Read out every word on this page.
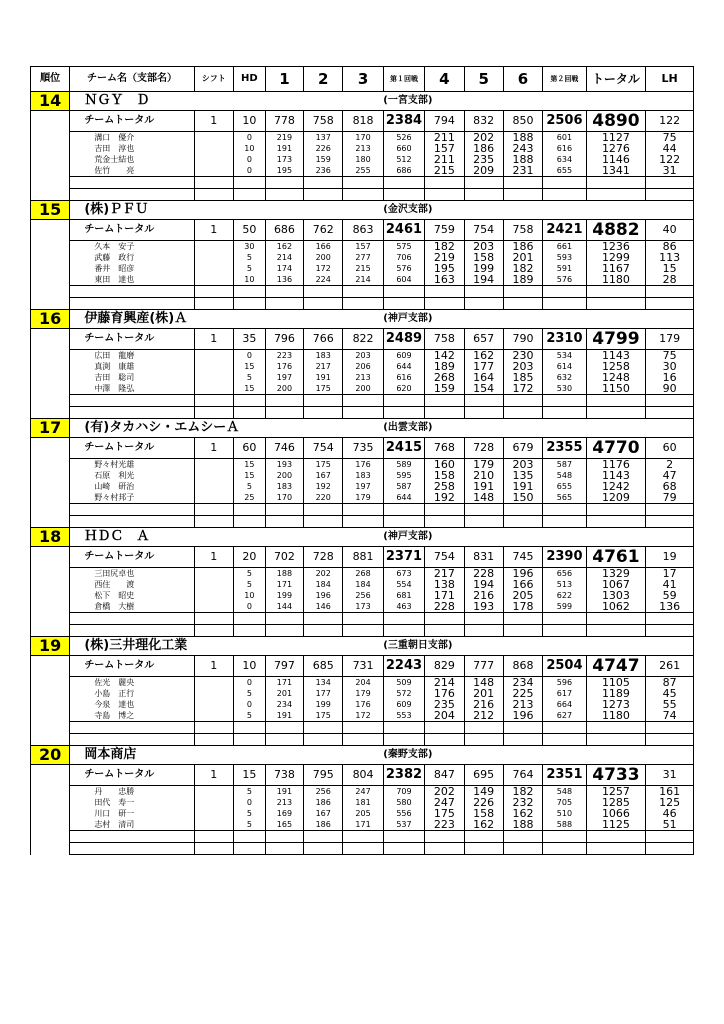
順位	チーム名（支部名）	シフト	HD	1	2	3	第１回戦	4	5	6	第２回戦	トータル	LH
14	ＮＧＹ　Ｄ						(一宮支部)						
	チームトータル	1	10	778	758	818	2384	794	832	850	2506	4890	122
	溝口　優介		0	219	137	170	526	211	202	188	601	1127	75
	吉田　淳也		10	191	226	213	660	157	186	243	616	1276	44
	荒金士結也		0	173	159	180	512	211	235	188	634	1146	122
	佐竹　　亮		0	195	236	255	686	215	209	231	655	1341	31

15	(株)ＰＦＵ						(金沢支部)						
	チームトータル	1	50	686	762	863	2461	759	754	758	2421	4882	40
	久本　安子		30	162	166	157	575	182	203	186	661	1236	86
	武藤　政行		5	214	200	277	706	219	158	201	593	1299	113
	番井　昭彦		5	174	172	215	576	195	199	182	591	1167	15
	東田　達也		10	136	224	214	604	163	194	189	576	1180	28

16	伊藤育興産(株)Ａ						(神戸支部)						
	チームトータル	1	35	796	766	822	2489	758	657	790	2310	4799	179
	広田　龍磨		0	223	183	203	609	142	162	230	534	1143	75
	真渕　康雄		15	176	217	206	644	189	177	203	614	1258	30
	吉田　聡司		5	197	191	213	616	268	164	185	632	1248	16
	中澤　隆弘		15	200	175	200	620	159	154	172	530	1150	90

17	(有)タカハシ・エムシーＡ						(出雲支部)						
	チームトータル	1	60	746	754	735	2415	768	728	679	2355	4770	60
	野々村光雄		15	193	175	176	589	160	179	203	587	1176	2
	石原　利光		15	200	167	183	595	158	210	135	548	1143	47
	山崎　研治		5	183	192	197	587	258	191	191	655	1242	68
	野々村邦子		25	170	220	179	644	192	148	150	565	1209	79

18	ＨＤＣ　Ａ						(神戸支部)						
	チームトータル	1	20	702	728	881	2371	754	831	745	2390	4761	19
	三田尻卓也		5	188	202	268	673	217	228	196	656	1329	17
	西住　　渡		5	171	184	184	554	138	194	166	513	1067	41
	松下　昭史		10	199	196	256	681	171	216	205	622	1303	59
	倉橋　大樹		0	144	146	173	463	228	193	178	599	1062	136

19	(株)三井理化工業						(三重朝日支部)						
	チームトータル	1	10	797	685	731	2243	829	777	868	2504	4747	261
	佐光　麗央		0	171	134	204	509	214	148	234	596	1105	87
	小島　正行		5	201	177	179	572	176	201	225	617	1189	45
	今泉　達也		0	234	199	176	609	235	216	213	664	1273	55
	寺島　博之		5	191	175	172	553	204	212	196	627	1180	74

20	岡本商店						(秦野支部)						
	チームトータル	1	15	738	795	804	2382	847	695	764	2351	4733	31
	丹　　忠勝		5	191	256	247	709	202	149	182	548	1257	161
	田代　寿一		0	213	186	181	580	247	226	232	705	1285	125
	川口　研一		5	169	167	205	556	175	158	162	510	1066	46
	志村　清司		5	165	186	171	537	223	162	188	588	1125	51
